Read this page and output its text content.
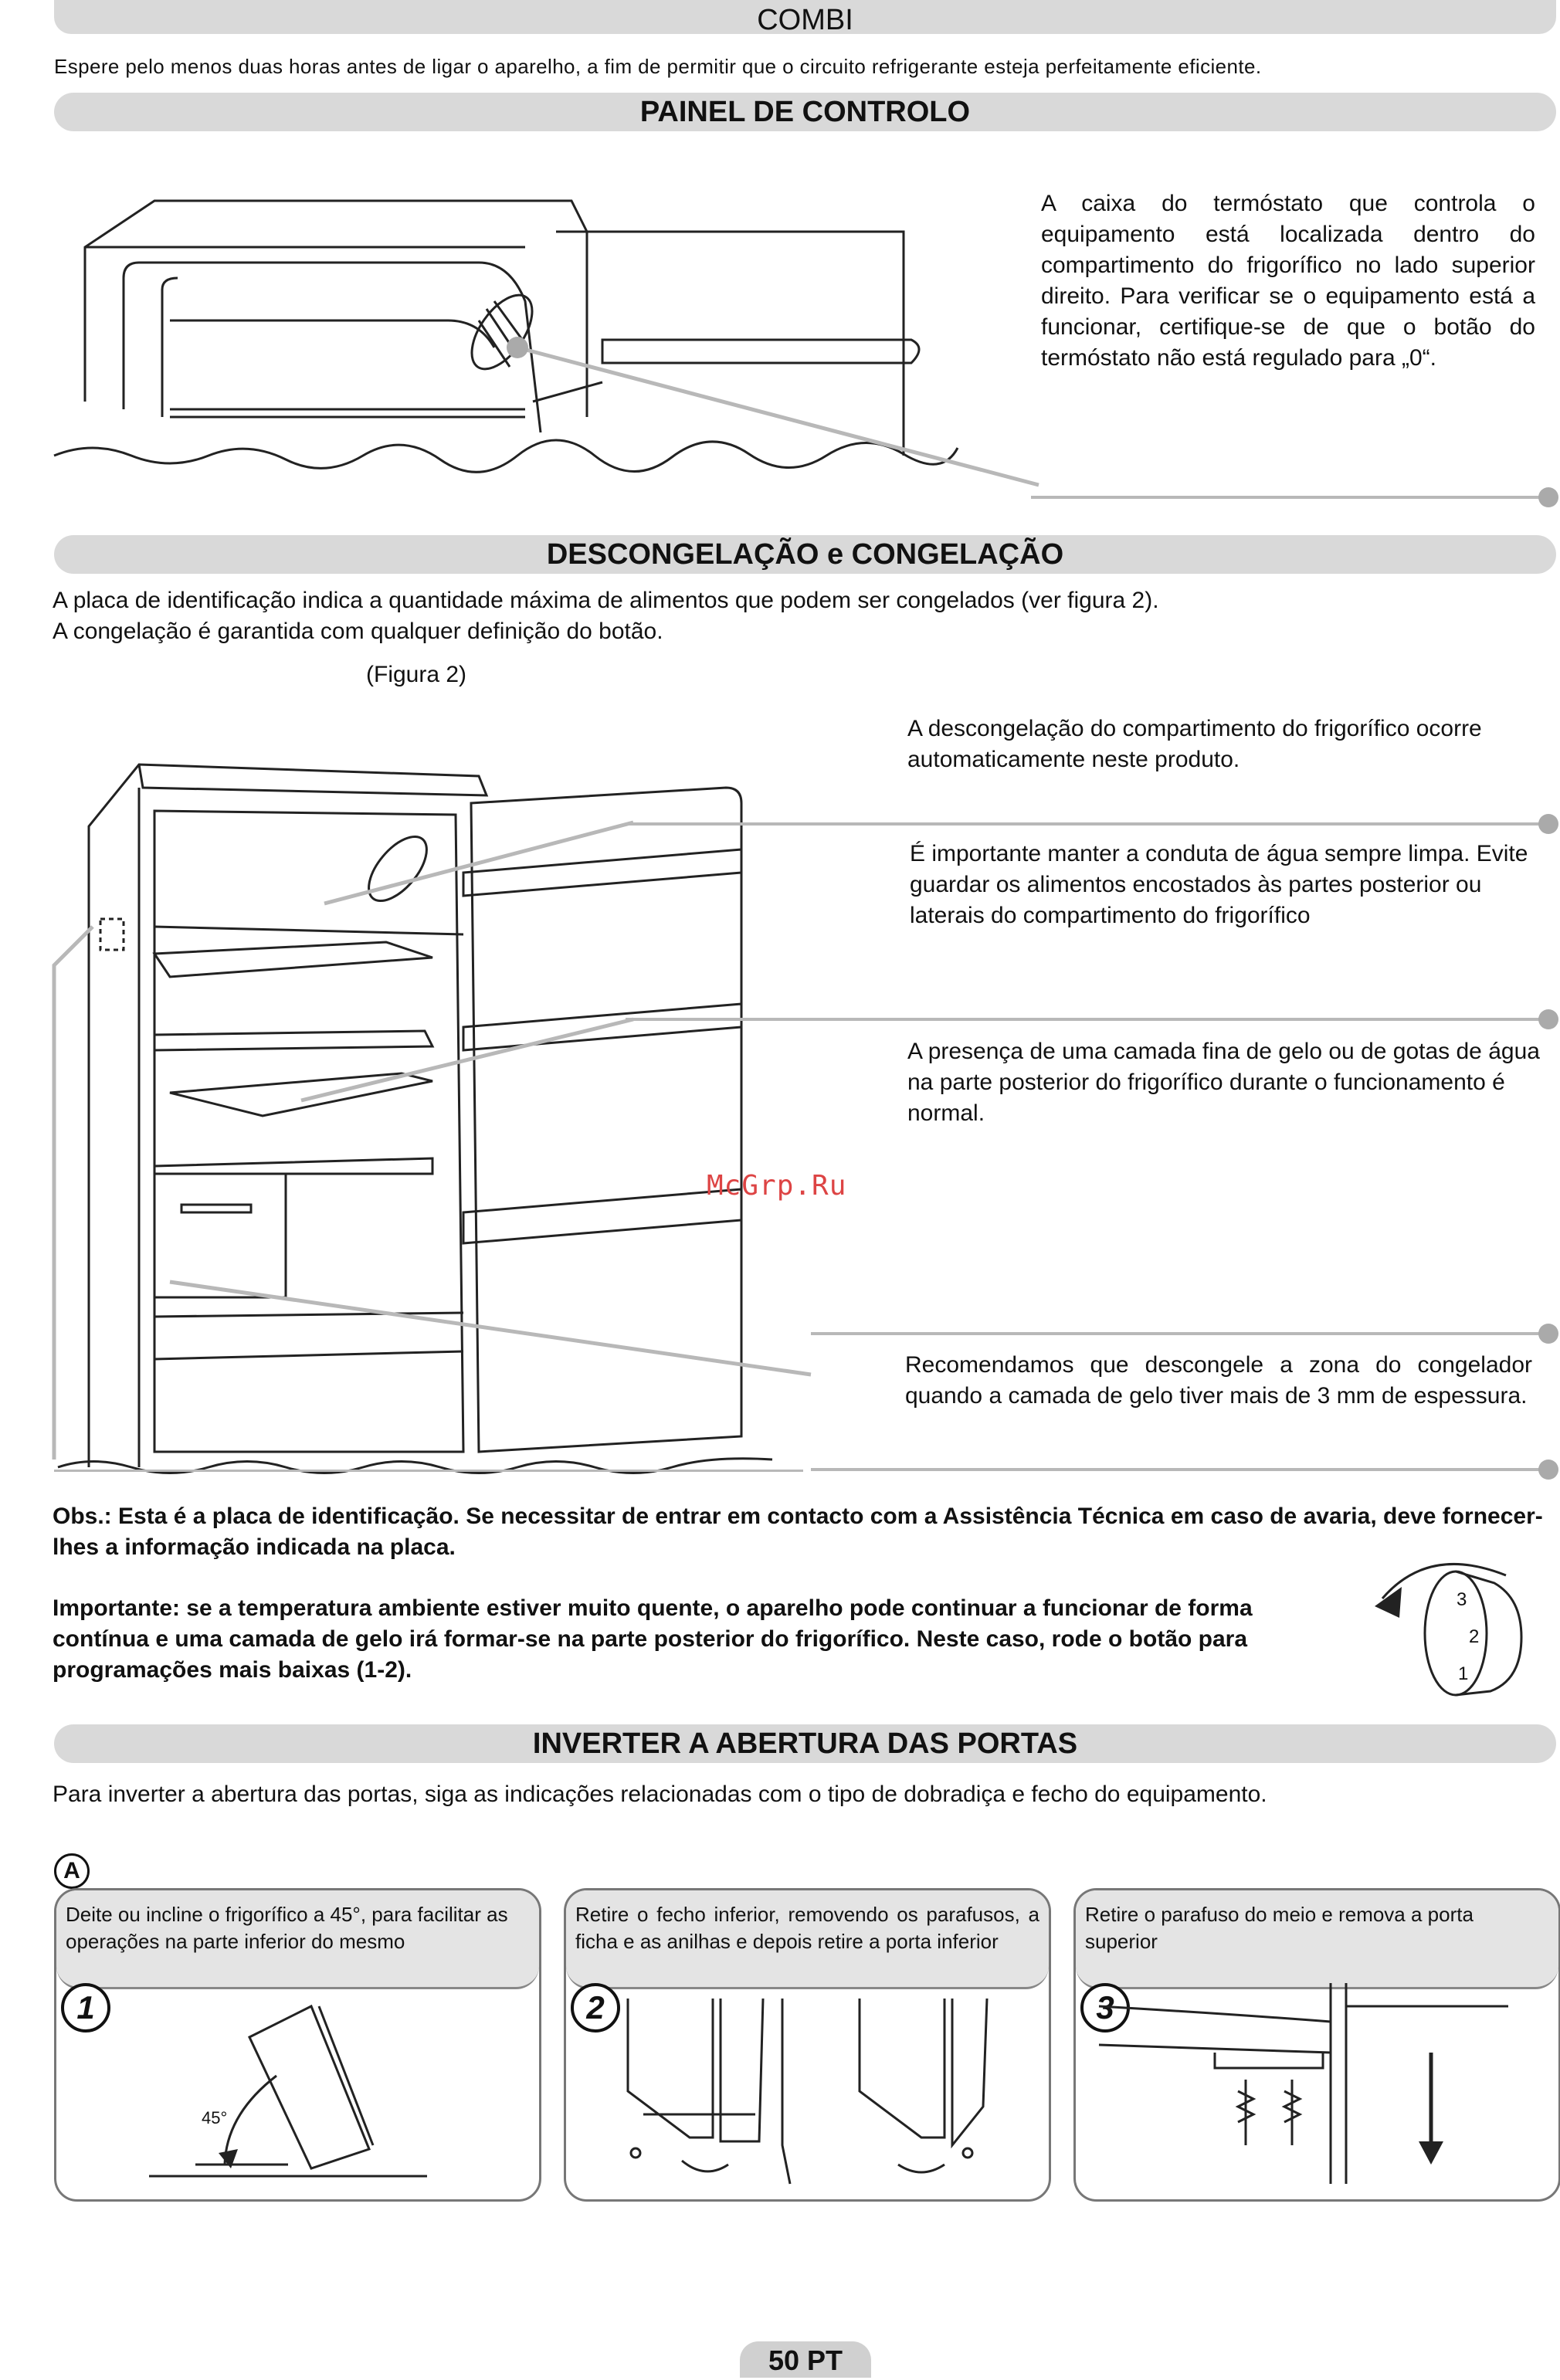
COMBI
Espere pelo menos duas horas antes de ligar o aparelho, a fim de permitir que o circuito refrigerante esteja perfeitamente eficiente.
PAINEL DE CONTROLO
A caixa do termóstato que controla o equipamento está localizada dentro do compartimento do frigorífico no lado superior direito. Para verificar se o equipamento está a funcionar, certifique-se de que o botão do termóstato não está regulado para „0“.
DESCONGELAÇÃO e CONGELAÇÃO
A placa de identificação indica a quantidade máxima de alimentos que podem ser congelados (ver figura 2).
A congelação é garantida com qualquer definição do botão.
(Figura 2)
A descongelação do compartimento do frigorífico ocorre automaticamente neste produto.
É importante manter a conduta de água sempre limpa. Evite guardar os alimentos encostados às partes posterior ou laterais do compartimento do frigorífico
A presença de uma camada fina de gelo ou de gotas de água na parte posterior do frigorífico durante o funcionamento é normal.
McGrp.Ru
Recomendamos que descongele a zona do congelador quando a camada de gelo tiver mais de 3 mm de espessura.
Obs.: Esta é a placa de identificação. Se necessitar de entrar em contacto com a Assistência Técnica em caso de avaria, deve fornecer-lhes a informação indicada na placa.
Importante: se a temperatura ambiente estiver muito quente, o aparelho pode continuar a funcionar de forma contínua e uma camada de gelo irá formar-se na parte posterior do frigorífico. Neste caso, rode o botão para programações mais baixas (1-2).
3
2
1
INVERTER A ABERTURA DAS PORTAS
Para inverter a abertura das portas, siga as indicações relacionadas com o tipo de dobradiça e fecho do equipamento.
A
Deite ou incline o frigorífico a 45°, para facilitar as operações na parte inferior do mesmo
1
45°
Retire o fecho inferior, removendo os parafusos, a ficha e as anilhas e depois retire a porta inferior
2
Retire o parafuso do meio e remova a porta superior
3
50 PT
